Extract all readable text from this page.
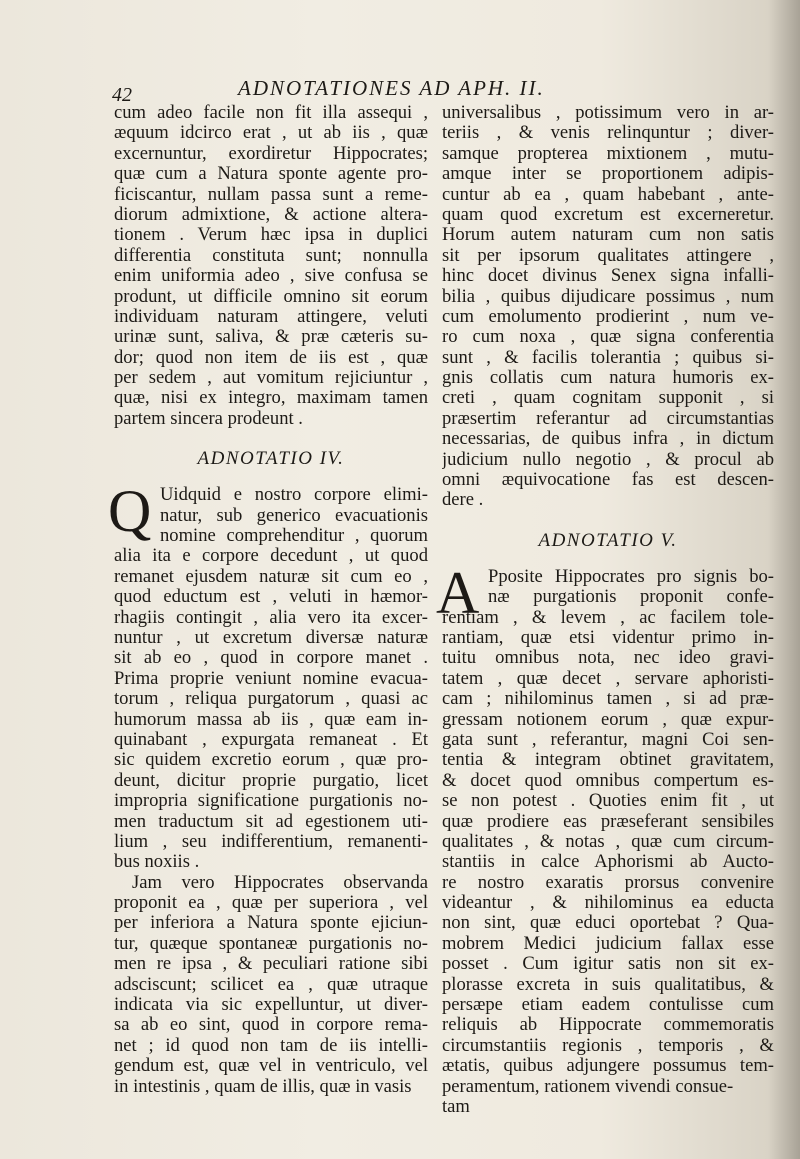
42	ADNOTATIONES AD APH. II.
cum adeo facile non fit illa assequi ,
æquum idcirco erat , ut ab iis , quæ
excernuntur, exordiretur Hippocrates;
quæ cum a Natura sponte agente pro-
ficiscantur, nullam passa sunt a reme-
diorum admixtione, & actione altera-
tionem . Verum hæc ipsa in duplici
differentia constituta sunt; nonnulla
enim uniformia adeo , sive confusa se
produnt, ut difficile omnino sit eorum
individuam naturam attingere, veluti
urinæ sunt, saliva, & præ cæteris su-
dor; quod non item de iis est , quæ
per sedem , aut vomitum rejiciuntur ,
quæ, nisi ex integro, maximam tamen
partem sincera prodeunt .
ADNOTATIO IV.
Q Uidquid e nostro corpore elimi-
natur, sub generico evacuationis
nomine comprehenditur , quorum
alia ita e corpore decedunt , ut quod
remanet ejusdem naturæ sit cum eo ,
quod eductum est , veluti in hæmor-
rhagiis contingit , alia vero ita excer-
nuntur , ut excretum diversæ naturæ
sit ab eo , quod in corpore manet .
Prima proprie veniunt nomine evacua-
torum , reliqua purgatorum , quasi ac
humorum massa ab iis , quæ eam in-
quinabant , expurgata remaneat . Et
sic quidem excretio eorum , quæ pro-
deunt, dicitur proprie purgatio, licet
impropria significatione purgationis no-
men traductum sit ad egestionem uti-
lium , seu indifferentium, remanenti-
bus noxiis .
Jam vero Hippocrates observanda
proponit ea , quæ per superiora , vel
per inferiora a Natura sponte ejiciun-
tur, quæque spontaneæ purgationis no-
men re ipsa , & peculiari ratione sibi
adsciscunt; scilicet ea , quæ utraque
indicata via sic expelluntur, ut diver-
sa ab eo sint, quod in corpore rema-
net ; id quod non tam de iis intelli-
gendum est, quæ vel in ventriculo, vel
in intestinis , quam de illis, quæ in vasis
universalibus , potissimum vero in ar-
teriis , & venis relinquntur ; diver-
samque propterea mixtionem , mutu-
amque inter se proportionem adipis-
cuntur ab ea , quam habebant , ante-
quam quod excretum est excerneretur.
Horum autem naturam cum non satis
sit per ipsorum qualitates attingere ,
hinc docet divinus Senex signa infalli-
bilia , quibus dijudicare possimus , num
cum emolumento prodierint , num ve-
ro cum noxa , quæ signa conferentia
sunt , & facilis tolerantia ; quibus si-
gnis collatis cum natura humoris ex-
creti , quam cognitam supponit , si
præsertim referantur ad circumstantias
necessarias, de quibus infra , in dictum
judicium nullo negotio , & procul ab
omni æquivocatione fas est descen-
dere .
ADNOTATIO V.
A Pposite Hippocrates pro signis bo-
næ purgationis proponit confe-
rentiam , & levem , ac facilem tole-
rantiam, quæ etsi videntur primo in-
tuitu omnibus nota, nec ideo gravi-
tatem , quæ decet , servare aphoristi-
cam ; nihilominus tamen , si ad præ-
gressam notionem eorum , quæ expur-
gata sunt , referantur, magni Coi sen-
tentia & integram obtinet gravitatem,
& docet quod omnibus compertum es-
se non potest . Quoties enim fit , ut
quæ prodiere eas præseferant sensibiles
qualitates , & notas , quæ cum circum-
stantiis in calce Aphorismi ab Aucto-
re nostro exaratis prorsus convenire
videantur , & nihilominus ea educta
non sint, quæ educi oportebat ? Qua-
mobrem Medici judicium fallax esse
posset . Cum igitur satis non sit ex-
plorasse excreta in suis qualitatibus, &
persæpe etiam eadem contulisse cum
reliquis ab Hippocrate commemoratis
circumstantiis regionis , temporis , &
ætatis, quibus adjungere possumus tem-
peramentum, rationem vivendi consue-
tam
